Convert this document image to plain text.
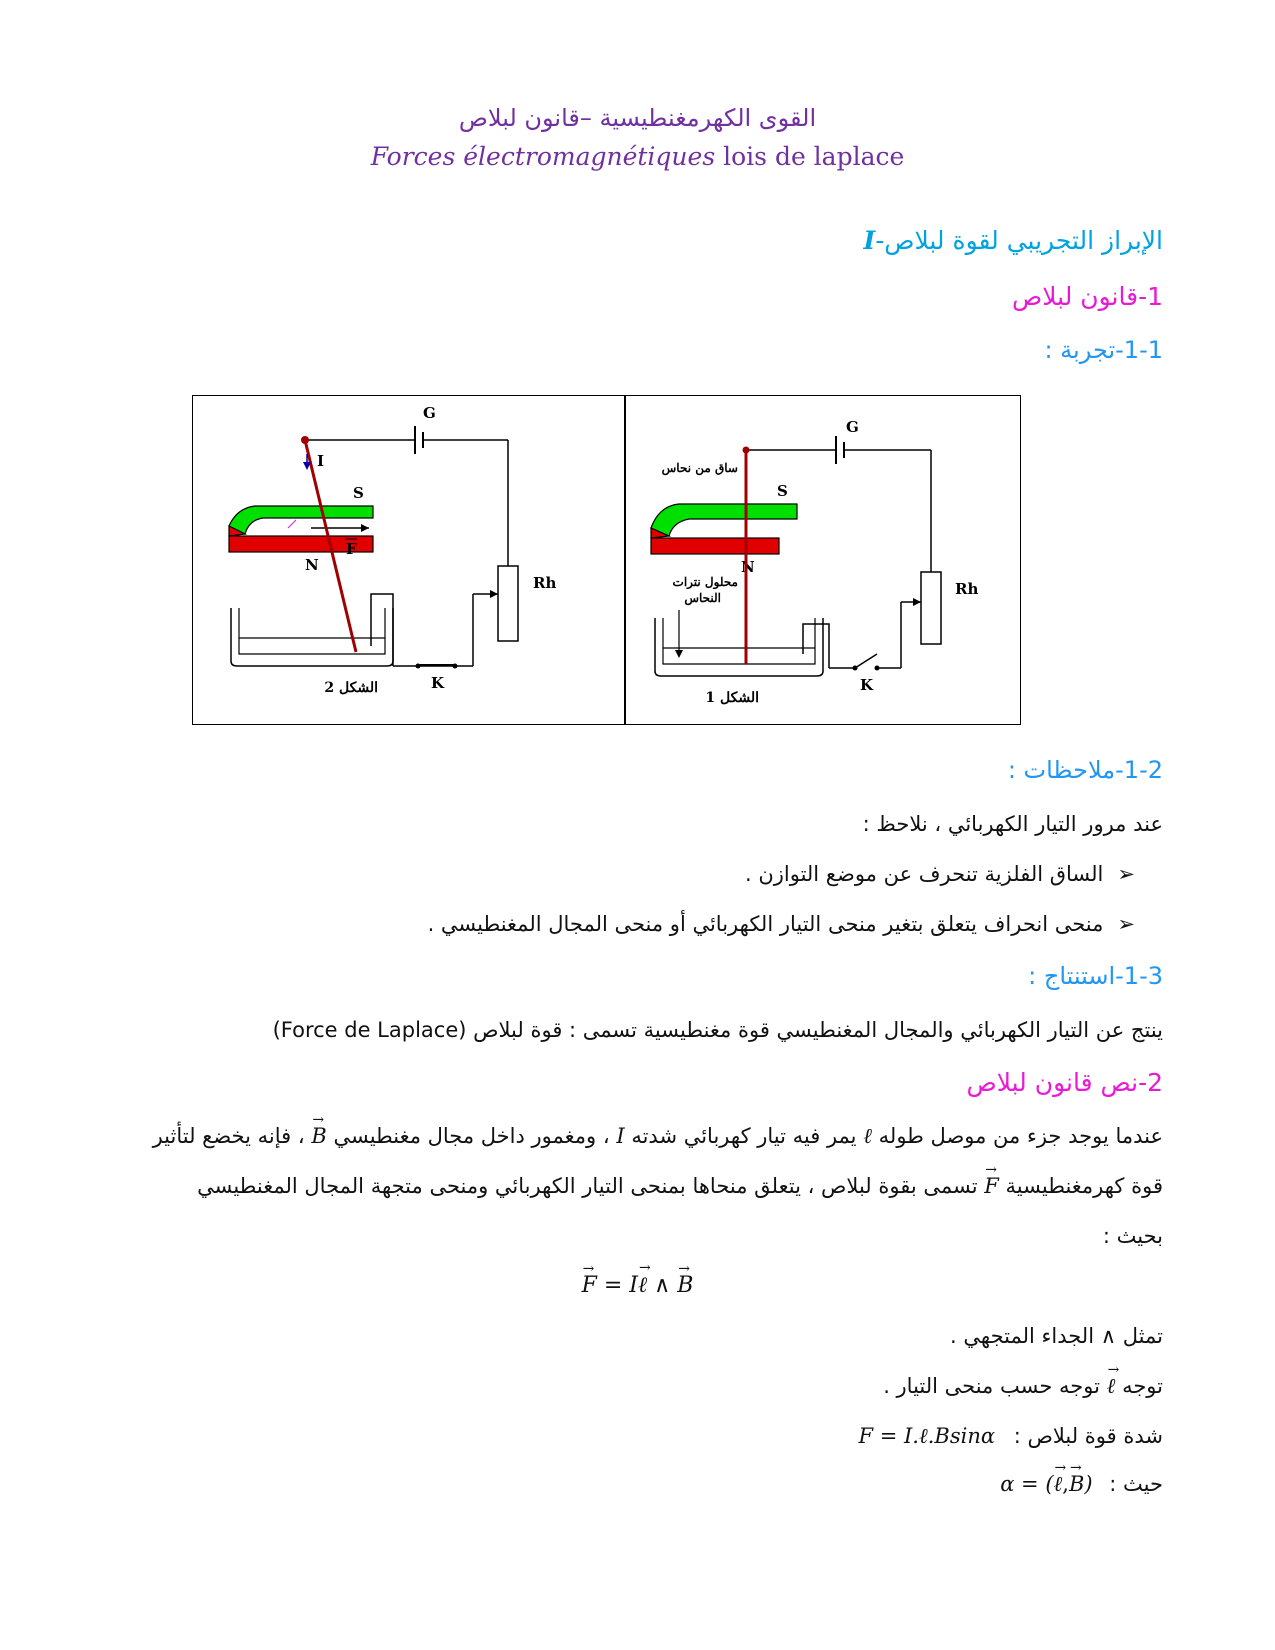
القوى الكهرمغنطيسية –قانون لبلاص
Forces électromagnétiques lois de laplace
I-الإبراز التجريبي لقوة لبلاص
1-قانون لبلاص
1-1-تجربة :
G
Rh
K
الشكل 2
S
N
B
F
I
G
Rh
K
الشكل 1
S
N
ساق من نحاس
محلول نترات
النحاس
1-2-ملاحظات :
عند مرور التيار الكهربائي ، نلاحظ :
➢الساق الفلزية تنحرف عن موضع التوازن .
➢منحى انحراف يتعلق بتغير منحى التيار الكهربائي أو منحى المجال المغنطيسي .
1-3-استنتاج :
ينتج عن التيار الكهربائي والمجال المغنطيسي قوة مغنطيسية تسمى : قوة لبلاص (Force de Laplace)
2-نص قانون لبلاص
عندما يوجد جزء من موصل طوله ℓ يمر فيه تيار كهربائي شدته I ، ومغمور داخل مجال مغنطيسي → B ، فإنه يخضع لتأثير
قوة كهرمغنطيسية → F تسمى بقوة لبلاص ، يتعلق منحاها بمنحى التيار الكهربائي ومنحى متجهة المجال المغنطيسي
بحيث :
→ F = I→ ℓ ∧ → B
تمثل ∧ الجداء المتجهي .
توجه → ℓ توجه حسب منحى التيار .
شدة قوة لبلاص : F = I.ℓ.Bsinα
حيث : α = (→ ℓ,→ B)
